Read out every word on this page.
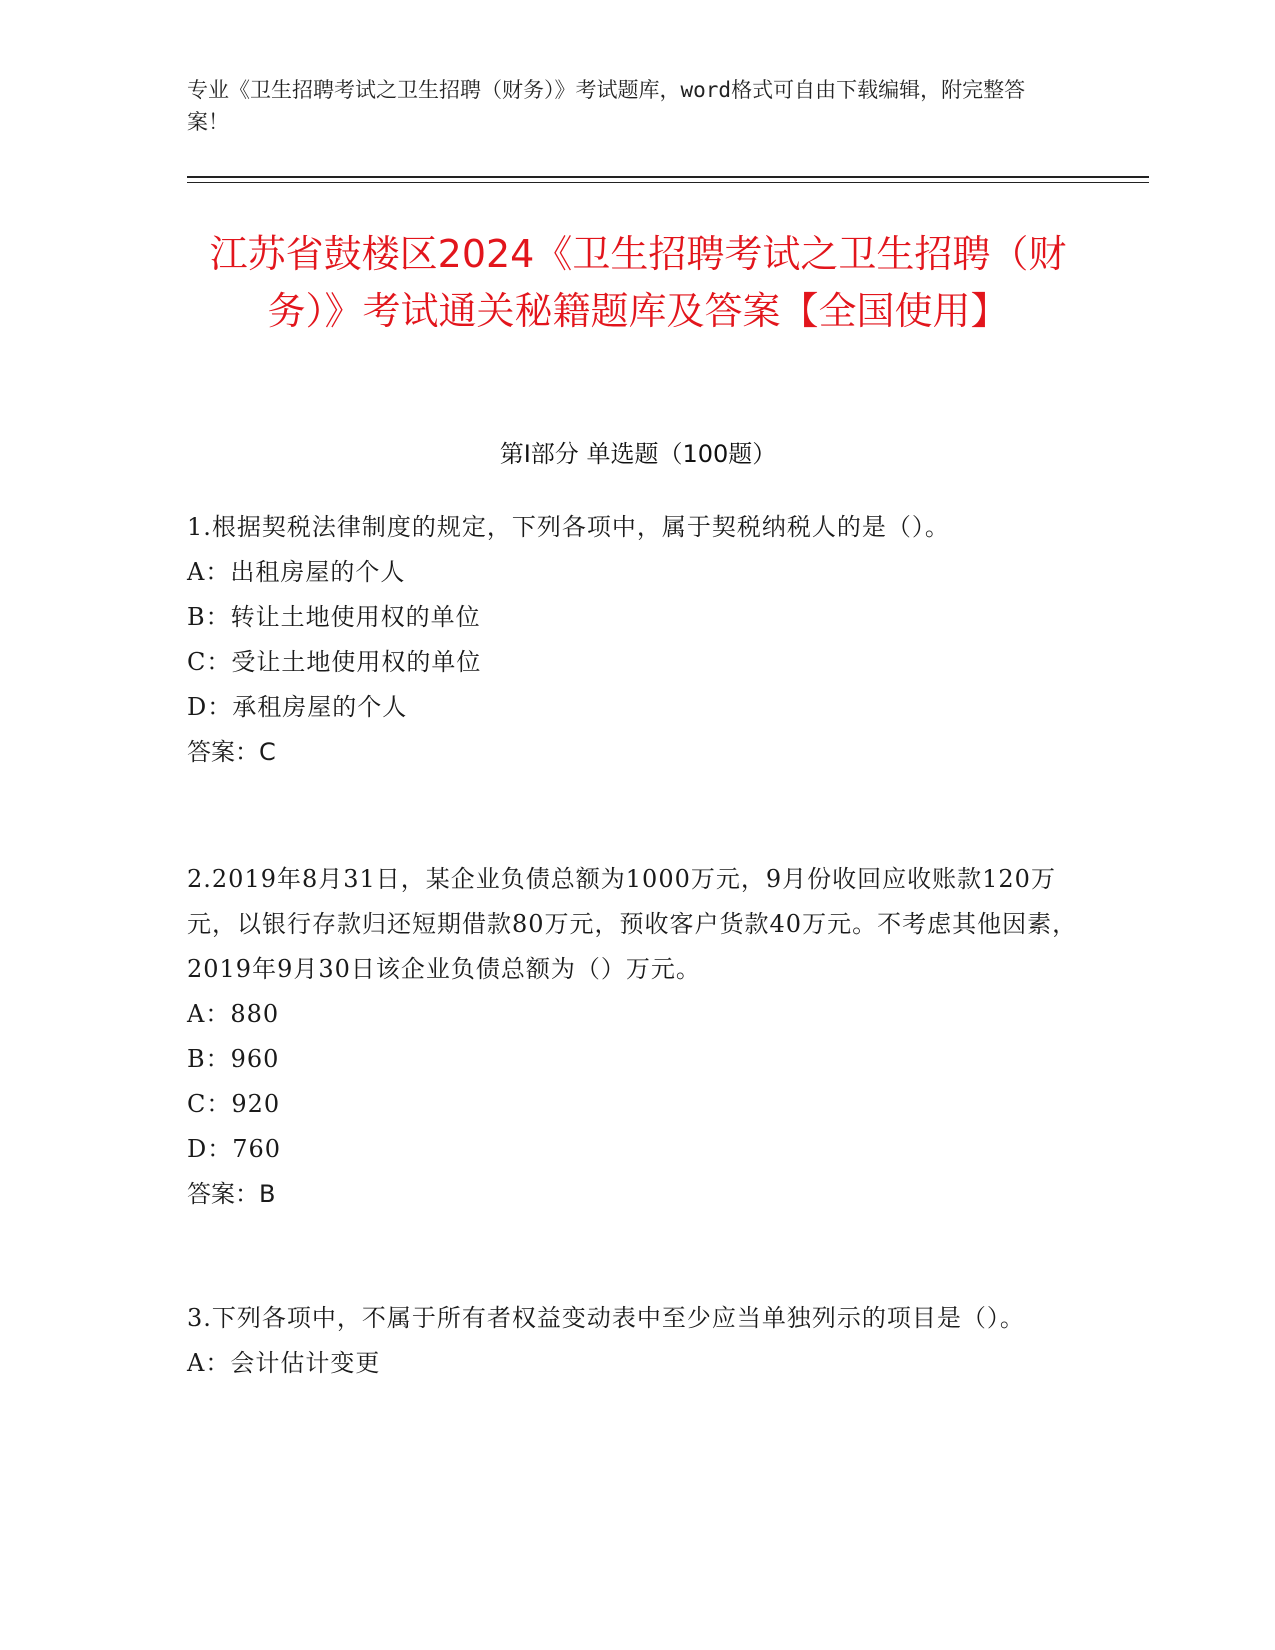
专业《卫生招聘考试之卫生招聘（财务）》考试题库，word格式可自由下载编辑，附完整答案！

江苏省鼓楼区2024《卫生招聘考试之卫生招聘（财务）》考试通关秘籍题库及答案【全国使用】
第Ⅰ部分 单选题（100题）

1.根据契税法律制度的规定，下列各项中，属于契税纳税人的是（）。

A：出租房屋的个人

B：转让土地使用权的单位

C：受让土地使用权的单位

D：承租房屋的个人

答案：C

2.2019年8月31日，某企业负债总额为1000万元，9月份收回应收账款120万元，以银行存款归还短期借款80万元，预收客户货款40万元。不考虑其他因素，2019年9月30日该企业负债总额为（）万元。

A：880

B：960

C：920

D：760

答案：B

3.下列各项中，不属于所有者权益变动表中至少应当单独列示的项目是（）。

A：会计估计变更
